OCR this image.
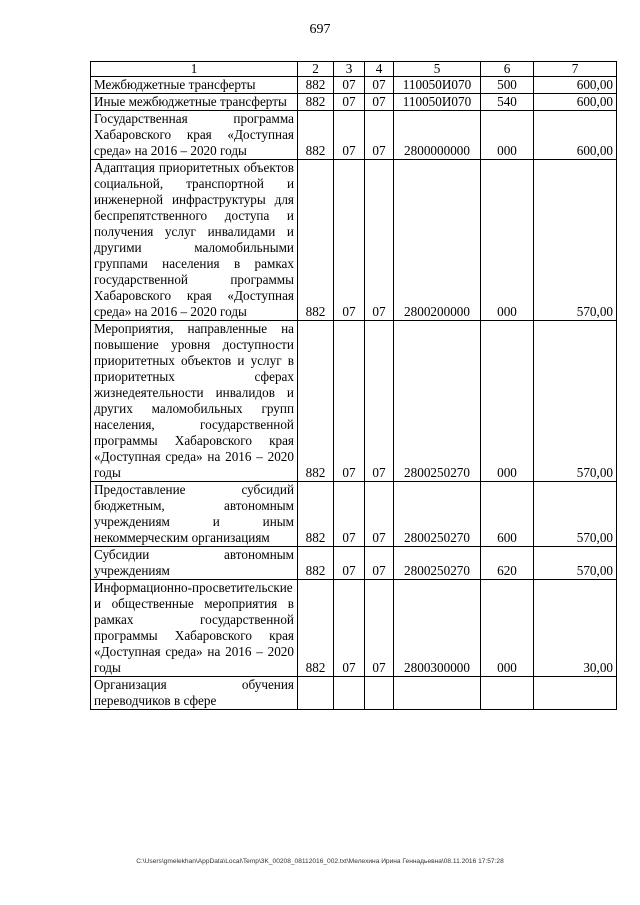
697
1	2	3	4	5	6	7
Межбюджетные трансферты	882	07	07	110050И070	500	600,00
Иные межбюджетные трансферты	882	07	07	110050И070	540	600,00
Государственная программа Хабаровского края «Доступная среда» на 2016 – 2020 годы	882	07	07	2800000000	000	600,00
Адаптация приоритетных объектов социальной, транспортной и инженерной инфраструктуры для беспрепятственного доступа и получения услуг инвалидами и другими маломобильными группами населения в рамках государственной программы Хабаровского края «Доступная среда» на 2016 – 2020 годы	882	07	07	2800200000	000	570,00
Мероприятия, направленные на повышение уровня доступности приоритетных объектов и услуг в приоритетных сферах жизнедеятельности инвалидов и других маломобильных групп населения, государственной программы Хабаровского края «Доступная среда» на 2016 – 2020 годы	882	07	07	2800250270	000	570,00
Предоставление субсидий бюджетным, автономным учреждениям и иным некоммерческим организациям	882	07	07	2800250270	600	570,00
Субсидии автономным учреждениям	882	07	07	2800250270	620	570,00
Информационно-просветительские и общественные мероприятия в рамках государственной программы Хабаровского края «Доступная среда» на 2016 – 2020 годы	882	07	07	2800300000	000	30,00
Организация обучения переводчиков в сфере						
C:\Users\gmelekhan\AppData\Local\Temp\3K_00208_08112016_002.txt\Мелехина Ирина Геннадьевна\08.11.2016 17:57:28
